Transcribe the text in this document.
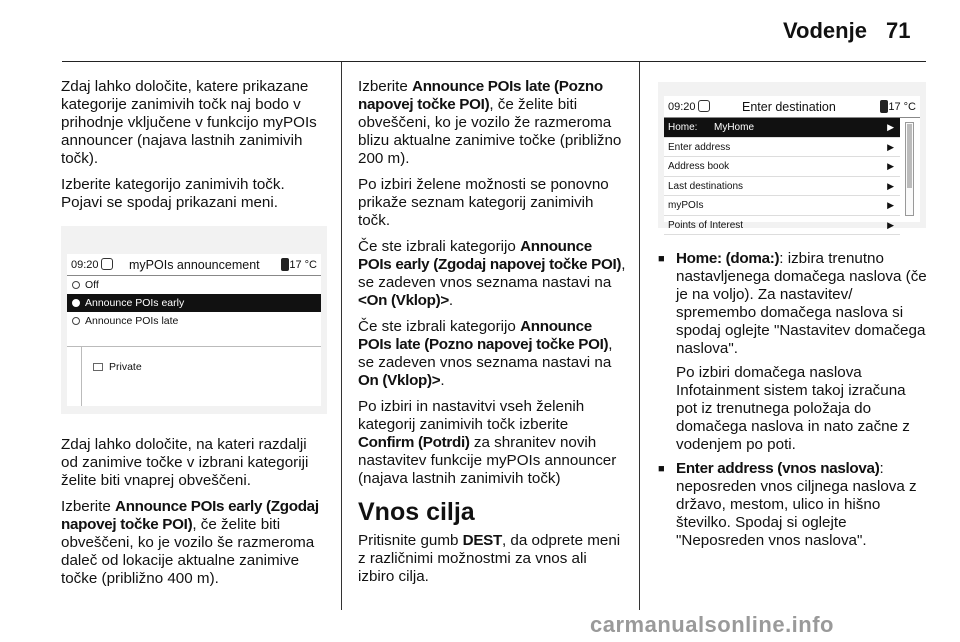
Vodenje 71

Zdaj lahko določite, katere prikazane kategorije zanimivih točk naj bodo v prihodnje vključene v funkcijo myPOIs announcer (najava lastnih zanimivih točk).

Izberite kategorijo zanimivih točk. Pojavi se spodaj prikazani meni.

09:20 myPOIs announcement	17 °C
Off
Announce POIs early
Announce POIs late
Private

Zdaj lahko določite, na kateri razdalji od zanimive točke v izbrani kategoriji želite biti vnaprej obveščeni.

Izberite Announce POIs early (Zgodaj napovej točke POI), če želite biti obveščeni, ko je vozilo še razmeroma daleč od lokacije aktualne zanimive točke (približno 400 m).

Izberite Announce POIs late (Pozno napovej točke POI), če želite biti obveščeni, ko je vozilo že razmeroma blizu aktualne zanimive točke (približno 200 m).

Po izbiri želene možnosti se ponovno prikaže seznam kategorij zanimivih točk.

Če ste izbrali kategorijo Announce POIs early (Zgodaj napovej točke POI), se zadeven vnos seznama nastavi na <On (Vklop)>.

Če ste izbrali kategorijo Announce POIs late (Pozno napovej točke POI), se zadeven vnos seznama nastavi na On (Vklop)>.

Po izbiri in nastavitvi vseh želenih kategorij zanimivih točk izberite Confirm (Potrdi) za shranitev novih nastavitev funkcije myPOIs announcer (najava lastnih zanimivih točk)

Vnos cilja

Pritisnite gumb DEST, da odprete meni z različnimi možnostmi za vnos ali izbiro cilja.

09:20	Enter destination	17 °C
Home: MyHome	▶
Enter address	▶
Address book	▶
Last destinations	▶
myPOIs	▶
Points of Interest	▶

■ Home: (doma:): izbira trenutno nastavljenega domačega naslova (če je na voljo). Za nastavitev/ spremembo domačega naslova si spodaj oglejte "Nastavitev domačega naslova".

Po izbiri domačega naslova Infotainment sistem takoj izračuna pot iz trenutnega položaja do domačega naslova in nato začne z vodenjem po poti.

■ Enter address (vnos naslova): neposreden vnos ciljnega naslova z državo, mestom, ulico in hišno številko. Spodaj si oglejte "Neposreden vnos naslova".

carmanualsonline.info
